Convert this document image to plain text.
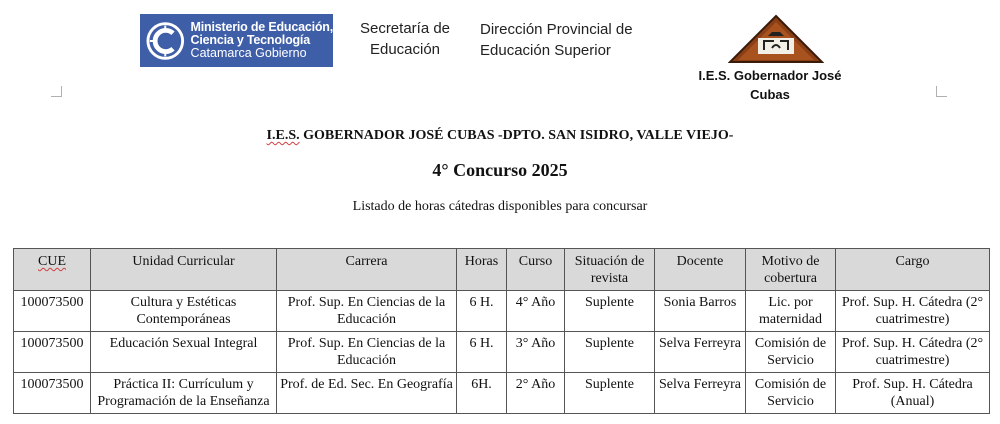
Ministerio de Educación,
Ciencia y Tecnología
Catamarca Gobierno
Secretaría de
Educación
Dirección Provincial de
Educación Superior
I.E.S. Gobernador José
Cubas
I.E.S. GOBERNADOR JOSÉ CUBAS -DPTO. SAN ISIDRO, VALLE VIEJO-
4° Concurso 2025
Listado de horas cátedras disponibles para concursar
CUE	Unidad Curricular	Carrera	Horas	Curso	Situación de revista	Docente	Motivo de cobertura	Cargo
100073500	Cultura y Estéticas Contemporáneas	Prof. Sup. En Ciencias de la Educación	6 H.	4° Año	Suplente	Sonia Barros	Lic. por maternidad	Prof. Sup. H. Cátedra (2° cuatrimestre)
100073500	Educación Sexual Integral	Prof. Sup. En Ciencias de la Educación	6 H.	3° Año	Suplente	Selva Ferreyra	Comisión de Servicio	Prof. Sup. H. Cátedra (2° cuatrimestre)
100073500	Práctica II: Currículum y Programación de la Enseñanza	Prof. de Ed. Sec. En Geografía	6H.	2° Año	Suplente	Selva Ferreyra	Comisión de Servicio	Prof. Sup. H. Cátedra (Anual)
